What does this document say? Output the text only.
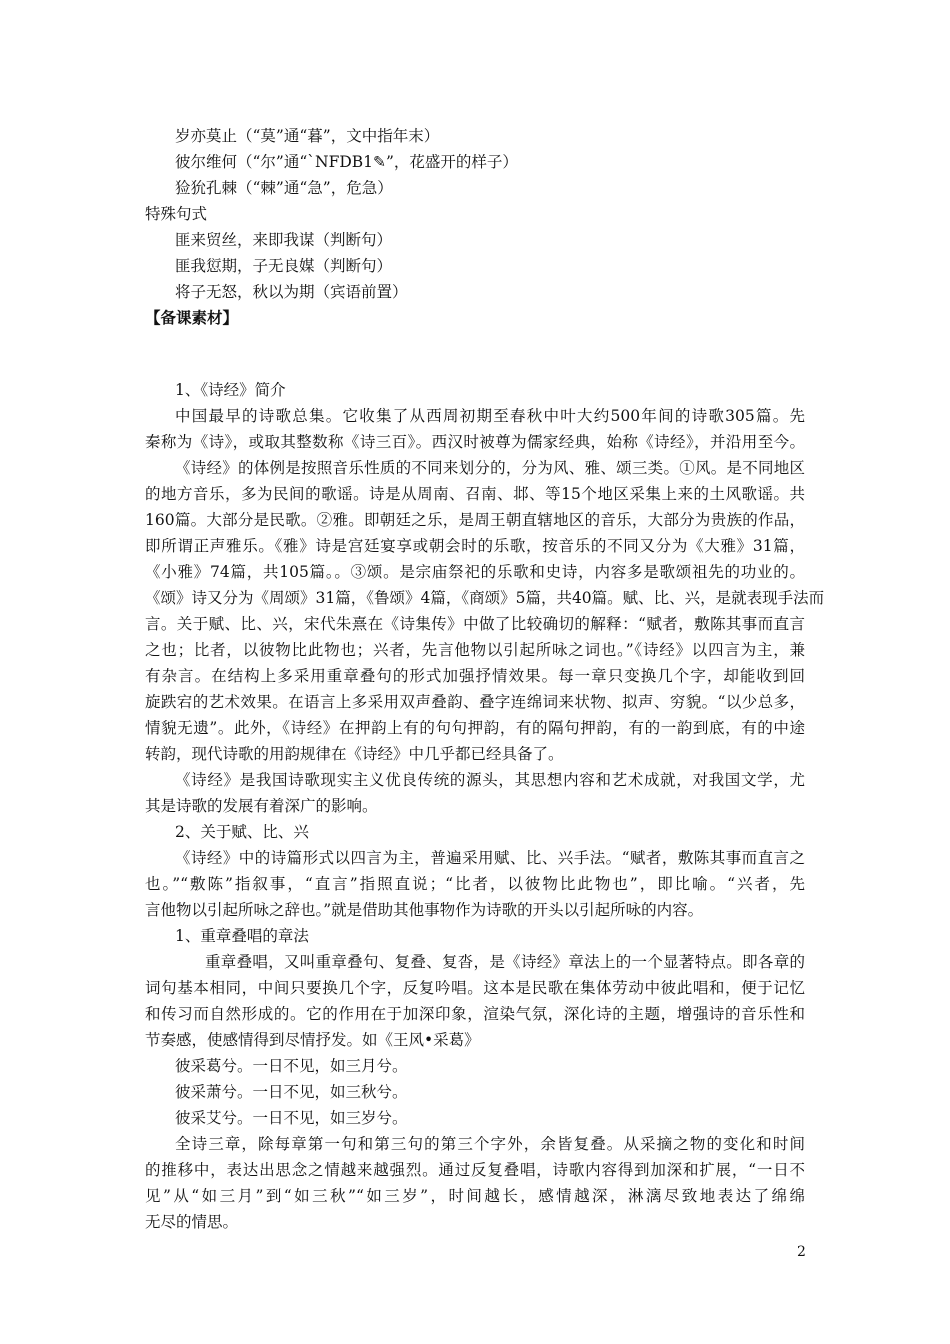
岁亦莫止（“莫”通“暮”，文中指年末）
彼尔维何（“尔”通“`NFDB1✎”，花盛开的样子）
猃狁孔棘（“棘”通“急”，危急）
特殊句式
匪来贸丝，来即我谋（判断句）
匪我愆期，子无良媒（判断句）
将子无怒，秋以为期（宾语前置）
【备课素材】
1、《诗经》简介
中国最早的诗歌总集。它收集了从西周初期至春秋中叶大约500年间的诗歌305篇。先
秦称为《诗》，或取其整数称《诗三百》。西汉时被尊为儒家经典，始称《诗经》，并沿用至今。
《诗经》的体例是按照音乐性质的不同来划分的，分为风、雅、颂三类。①风。是不同地区
的地方音乐，多为民间的歌谣。诗是从周南、召南、邶、等15个地区采集上来的土风歌谣。共
160篇。大部分是民歌。②雅。即朝廷之乐，是周王朝直辖地区的音乐，大部分为贵族的作品，
即所谓正声雅乐。《雅》诗是宫廷宴享或朝会时的乐歌，按音乐的不同又分为《大雅》31篇，
《小雅》74篇，共105篇。。③颂。是宗庙祭祀的乐歌和史诗，内容多是歌颂祖先的功业的。
《颂》诗又分为《周颂》31篇，《鲁颂》4篇，《商颂》5篇，共40篇。赋、比、兴，是就表现手法而
言。关于赋、比、兴，宋代朱熹在《诗集传》中做了比较确切的解释：“赋者，敷陈其事而直言
之也；比者，以彼物比此物也；兴者，先言他物以引起所咏之词也。”《诗经》以四言为主，兼
有杂言。在结构上多采用重章叠句的形式加强抒情效果。每一章只变换几个字，却能收到回
旋跌宕的艺术效果。在语言上多采用双声叠韵、叠字连绵词来状物、拟声、穷貌。“以少总多，
情貌无遗”。此外，《诗经》在押韵上有的句句押韵，有的隔句押韵，有的一韵到底，有的中途
转韵，现代诗歌的用韵规律在《诗经》中几乎都已经具备了。
《诗经》是我国诗歌现实主义优良传统的源头，其思想内容和艺术成就，对我国文学，尤
其是诗歌的发展有着深广的影响。
2、关于赋、比、兴
《诗经》中的诗篇形式以四言为主，普遍采用赋、比、兴手法。“赋者，敷陈其事而直言之
也。”“敷陈”指叙事，“直言”指照直说；“比者，以彼物比此物也”，即比喻。“兴者，先
言他物以引起所咏之辞也。”就是借助其他事物作为诗歌的开头以引起所咏的内容。
1、重章叠唱的章法
重章叠唱，又叫重章叠句、复叠、复沓，是《诗经》章法上的一个显著特点。即各章的
词句基本相同，中间只要换几个字，反复吟唱。这本是民歌在集体劳动中彼此唱和，便于记忆
和传习而自然形成的。它的作用在于加深印象，渲染气氛，深化诗的主题，增强诗的音乐性和
节奏感，使感情得到尽情抒发。如《王风•采葛》
彼采葛兮。一日不见，如三月兮。
彼采萧兮。一日不见，如三秋兮。
彼采艾兮。一日不见，如三岁兮。
全诗三章，除每章第一句和第三句的第三个字外，余皆复叠。从采摘之物的变化和时间
的推移中，表达出思念之情越来越强烈。通过反复叠唱，诗歌内容得到加深和扩展，“一日不
见”从“如三月”到“如三秋”“如三岁”，时间越长，感情越深，淋漓尽致地表达了绵绵
无尽的情思。
2
